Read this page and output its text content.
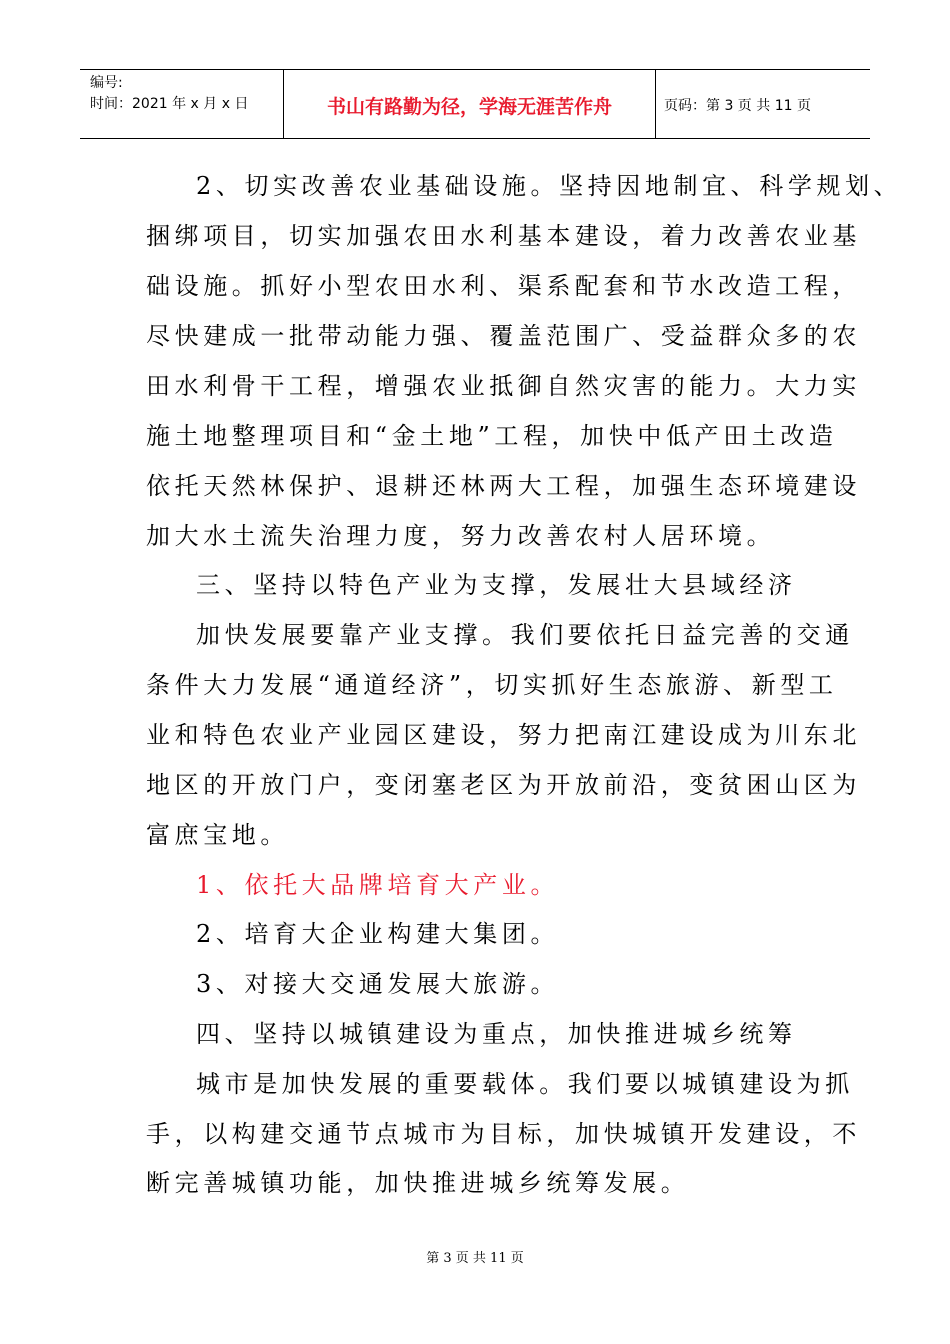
编号:
时间：2021 年 x 月 x 日	书山有路勤为径，学海无涯苦作舟	页码：第 3 页 共 11 页
2、切实改善农业基础设施。坚持因地制宜、科学规划、
捆绑项目，切实加强农田水利基本建设，着力改善农业基
础设施。抓好小型农田水利、渠系配套和节水改造工程，
尽快建成一批带动能力强、覆盖范围广、受益群众多的农
田水利骨干工程，增强农业抵御自然灾害的能力。大力实
施土地整理项目和“金土地”工程，加快中低产田土改造
依托天然林保护、退耕还林两大工程，加强生态环境建设
加大水土流失治理力度，努力改善农村人居环境。
三、坚持以特色产业为支撑，发展壮大县域经济
加快发展要靠产业支撑。我们要依托日益完善的交通
条件大力发展“通道经济”，切实抓好生态旅游、新型工
业和特色农业产业园区建设，努力把南江建设成为川东北
地区的开放门户，变闭塞老区为开放前沿，变贫困山区为
富庶宝地。
1、依托大品牌培育大产业。
2、培育大企业构建大集团。
3、对接大交通发展大旅游。
四、坚持以城镇建设为重点，加快推进城乡统筹
城市是加快发展的重要载体。我们要以城镇建设为抓
手，以构建交通节点城市为目标，加快城镇开发建设，不
断完善城镇功能，加快推进城乡统筹发展。
第 3 页 共 11 页
